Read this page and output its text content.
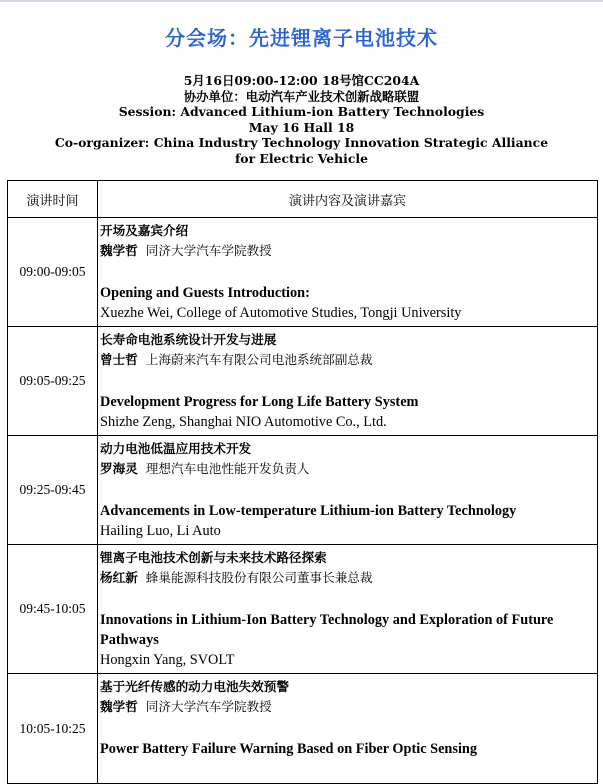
分会场：先进锂离子电池技术
5月16日09:00-12:00 18号馆CC204A
协办单位：电动汽车产业技术创新战略联盟
Session: Advanced Lithium-ion Battery Technologies
May 16 Hall 18
Co-organizer: China Industry Technology Innovation Strategic Alliance
for Electric Vehicle
演讲时间	演讲内容及演讲嘉宾
09:00-09:05	开场及嘉宾介绍
魏学哲 同济大学汽车学院教授
Opening and Guests Introduction:
Xuezhe Wei, College of Automotive Studies, Tongji University

09:05-09:25	长寿命电池系统设计开发与进展
曾士哲 上海蔚来汽车有限公司电池系统部副总裁
Development Progress for Long Life Battery System
Shizhe Zeng, Shanghai NIO Automotive Co., Ltd.

09:25-09:45	动力电池低温应用技术开发
罗海灵 理想汽车电池性能开发负责人
Advancements in Low-temperature Lithium-ion Battery Technology
Hailing Luo, Li Auto

09:45-10:05	锂离子电池技术创新与未来技术路径探索
杨红新 蜂巢能源科技股份有限公司董事长兼总裁
Innovations in Lithium-Ion Battery Technology and Exploration of Future Pathways
Hongxin Yang, SVOLT

10:05-10:25	基于光纤传感的动力电池失效预警
魏学哲 同济大学汽车学院教授
Power Battery Failure Warning Based on Fiber Optic Sensing
